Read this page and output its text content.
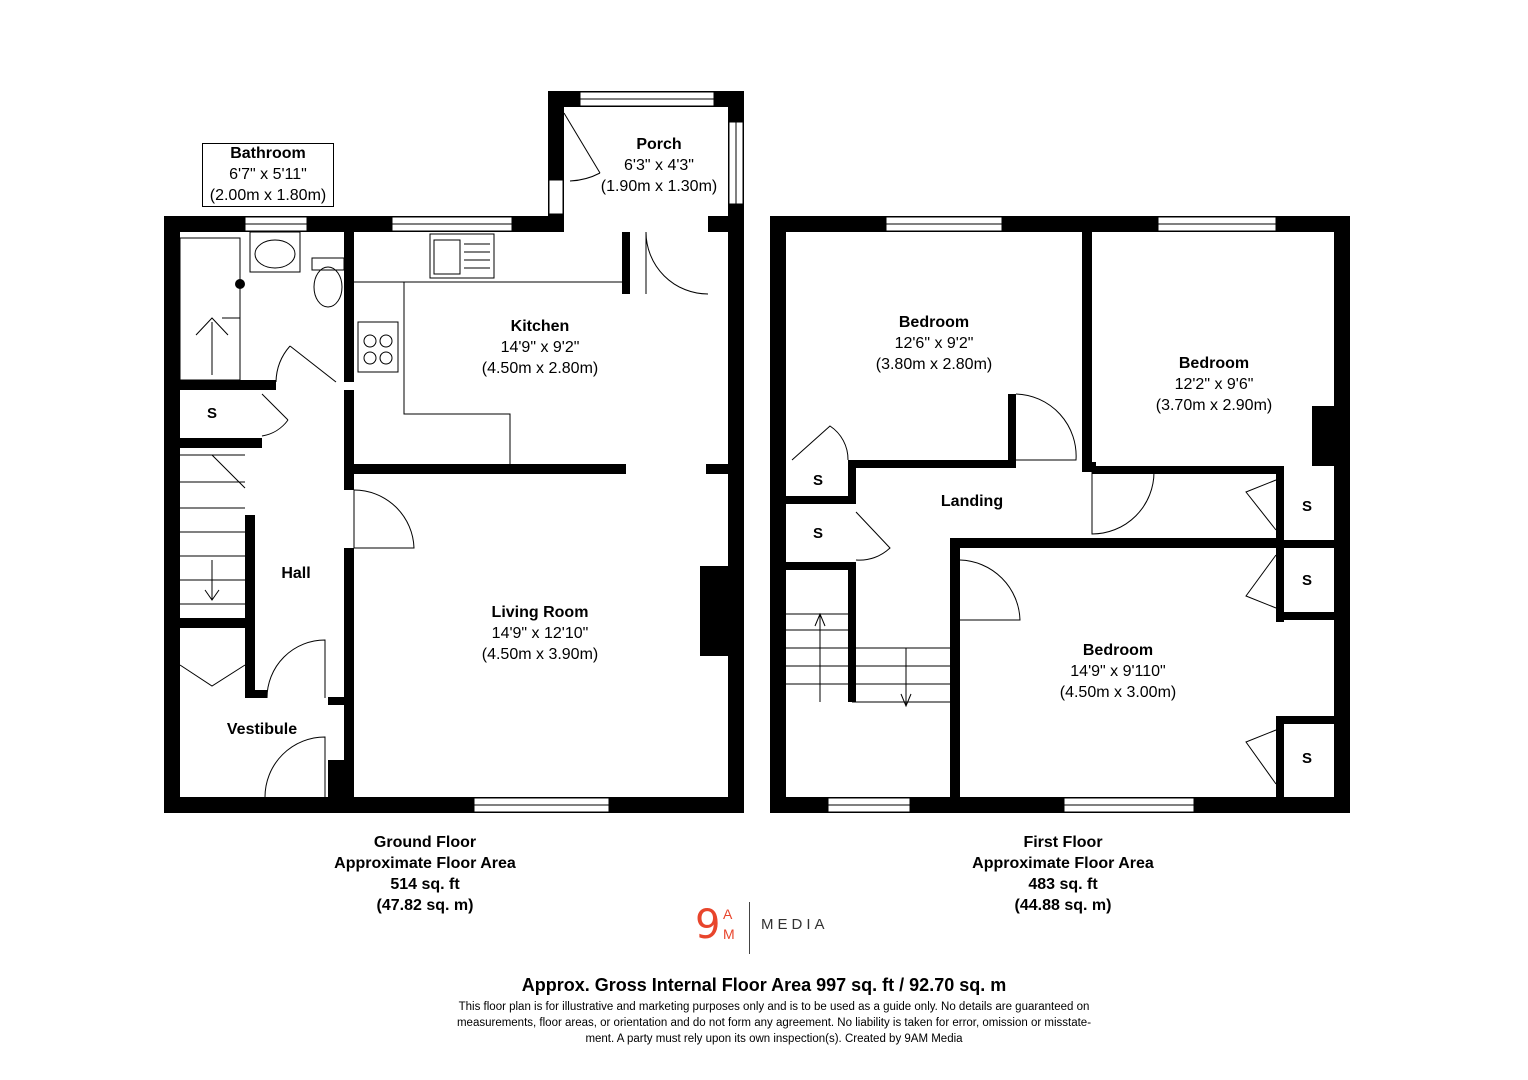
Bathroom
6'7" x 5'11"
(2.00m x 1.80m)
Porch
6'3" x 4'3"
(1.90m x 1.30m)
Kitchen
14'9" x 9'2"
(4.50m x 2.80m)
Living Room
14'9" x 12'10"
(4.50m x 3.90m)
Hall
Vestibule
S
Bedroom
12'6" x 9'2"
(3.80m x 2.80m)	Bedroom
12'2" x 9'6"
(3.70m x 2.90m)
Bedroom
14'9" x 9'110"
(4.50m x 3.00m)
Landing
S
S
S
S
S
Ground Floor
Approximate Floor Area
514 sq. ft
(47.82 sq. m)
First Floor
Approximate Floor Area
483 sq. ft
(44.88 sq. m)
9 A
M
MEDIA
Approx. Gross Internal Floor Area 997 sq. ft / 92.70 sq. m
This floor plan is for illustrative and marketing purposes only and is to be used as a guide only. No details are guaranteed on
measurements, floor areas, or orientation and do not form any agreement. No liability is taken for error, omission or misstate-
ment. A party must rely upon its own inspection(s). Created by 9AM Media
